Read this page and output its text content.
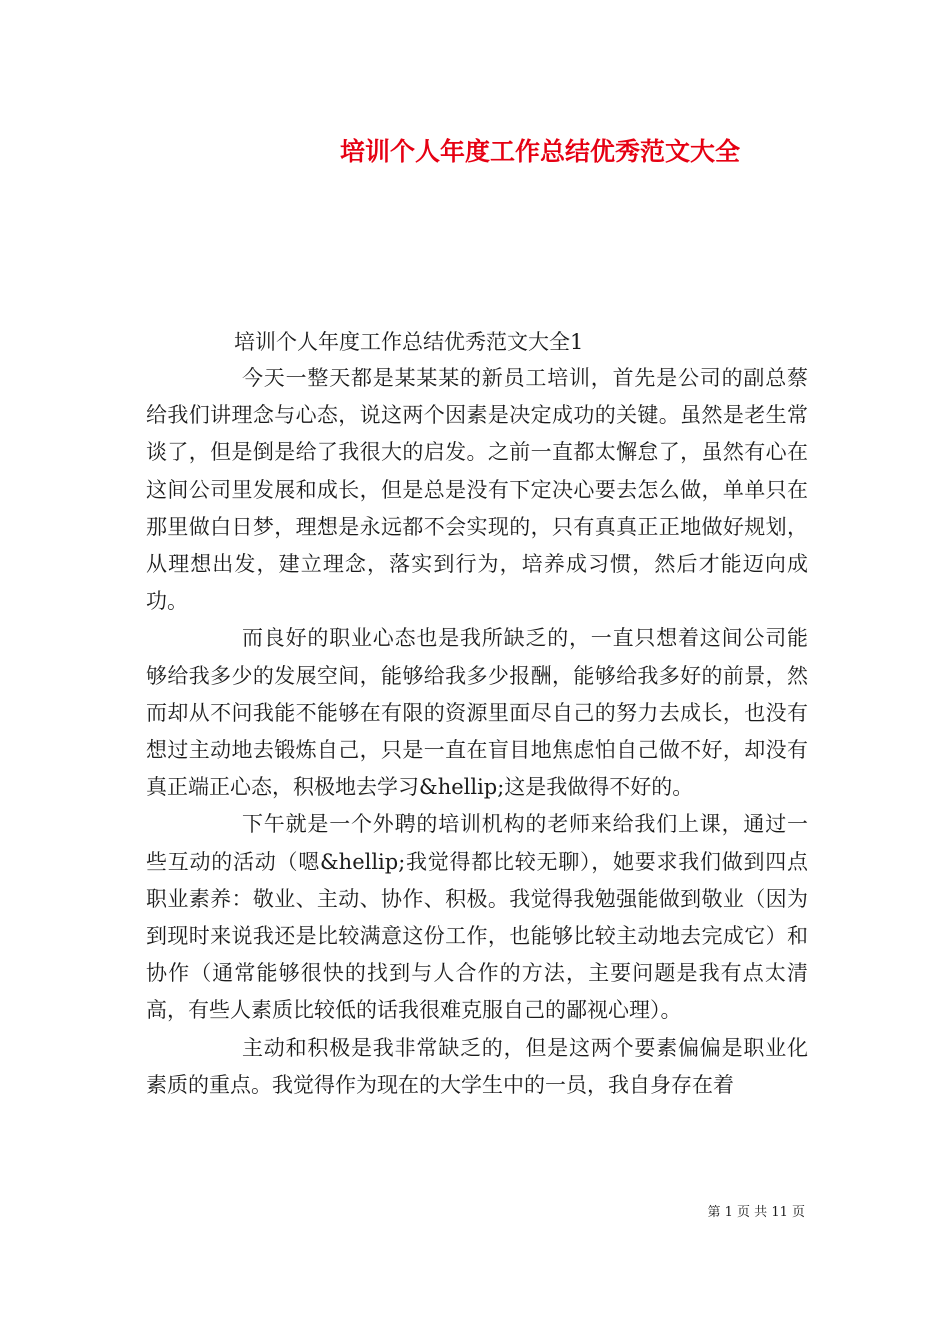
培训个人年度工作总结优秀范文大全

培训个人年度工作总结优秀范文大全1

今天一整天都是某某某的新员工培训，首先是公司的副总蔡给我们讲理念与心态，说这两个因素是决定成功的关键。虽然是老生常谈了，但是倒是给了我很大的启发。之前一直都太懈怠了，虽然有心在这间公司里发展和成长，但是总是没有下定决心要去怎么做，单单只在那里做白日梦，理想是永远都不会实现的，只有真真正正地做好规划，从理想出发，建立理念，落实到行为，培养成习惯，然后才能迈向成功。

而良好的职业心态也是我所缺乏的，一直只想着这间公司能够给我多少的发展空间，能够给我多少报酬，能够给我多好的前景，然而却从不问我能不能够在有限的资源里面尽自己的努力去成长，也没有想过主动地去锻炼自己，只是一直在盲目地焦虑怕自己做不好，却没有真正端正心态，积极地去学习&hellip;这是我做得不好的。

下午就是一个外聘的培训机构的老师来给我们上课，通过一些互动的活动（嗯&hellip;我觉得都比较无聊），她要求我们做到四点职业素养：敬业、主动、协作、积极。我觉得我勉强能做到敬业（因为到现时来说我还是比较满意这份工作，也能够比较主动地去完成它）和协作（通常能够很快的找到与人合作的方法，主要问题是我有点太清高，有些人素质比较低的话我很难克服自己的鄙视心理）。

主动和积极是我非常缺乏的，但是这两个要素偏偏是职业化素质的重点。我觉得作为现在的大学生中的一员，我自身存在着

第 1 页 共 11 页
